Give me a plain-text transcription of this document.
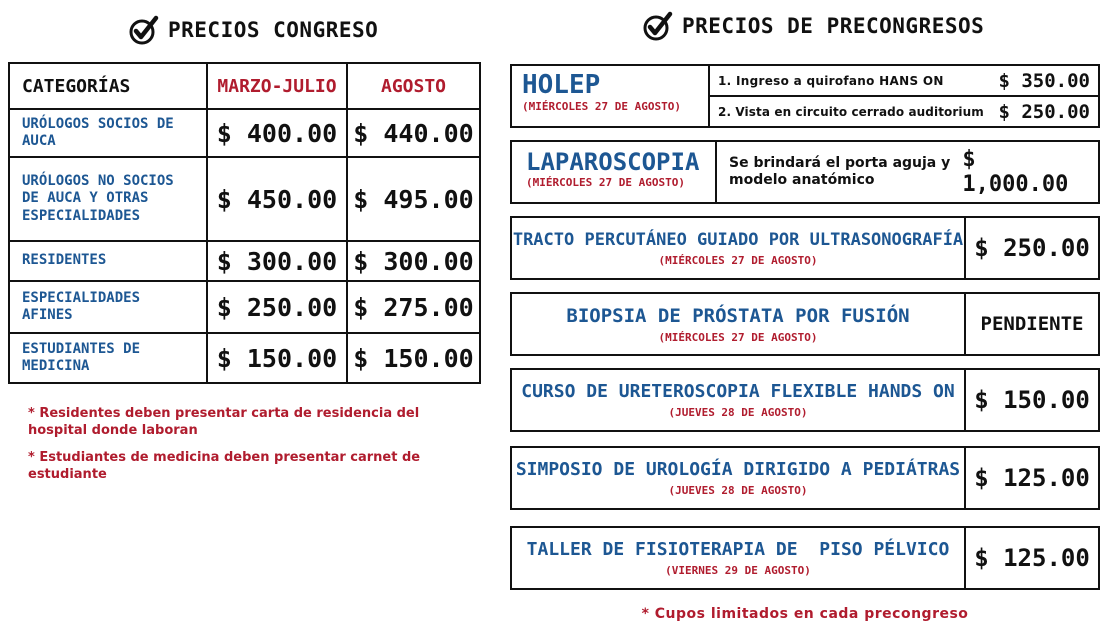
PRECIOS CONGRESO	PRECIOS DE PRECONGRESOS
CATEGORÍAS	MARZO-JULIO	AGOSTO
URÓLOGOS SOCIOS DE AUCA	$ 400.00	$ 440.00
URÓLOGOS NO SOCIOS DE AUCA Y OTRAS ESPECIALIDADES	$ 450.00	$ 495.00
RESIDENTES	$ 300.00	$ 300.00
ESPECIALIDADES AFINES	$ 250.00	$ 275.00
ESTUDIANTES DE MEDICINA	$ 150.00	$ 150.00
* Residentes deben presentar carta de residencia del hospital donde laboran
* Estudiantes de medicina deben presentar carnet de estudiante
HOLEP
(MIÉRCOLES 27 DE AGOSTO)
1. Ingreso a quirofano HANS ON	$ 350.00
2. Vista en circuito cerrado auditorium $ 250.00
LAPAROSCOPIA
(MIÉRCOLES 27 DE AGOSTO)
Se brindará el porta aguja y modelo anatómico
$ 1,000.00
TRACTO PERCUTÁNEO GUIADO POR ULTRASONOGRAFÍA
(MIÉRCOLES 27 DE AGOSTO)	$ 250.00
BIOPSIA DE PRÓSTATA POR FUSIÓN
(MIÉRCOLES 27 DE AGOSTO)
PENDIENTE
CURSO DE URETEROSCOPIA FLEXIBLE HANDS ON
(JUEVES 28 DE AGOSTO)	$ 150.00
SIMPOSIO DE UROLOGÍA DIRIGIDO A PEDIÁTRAS
(JUEVES 28 DE AGOSTO)	$ 125.00
TALLER DE FISIOTERAPIA DE  PISO PÉLVICO
(VIERNES 29 DE AGOSTO)	$ 125.00
* Cupos limitados en cada precongreso
